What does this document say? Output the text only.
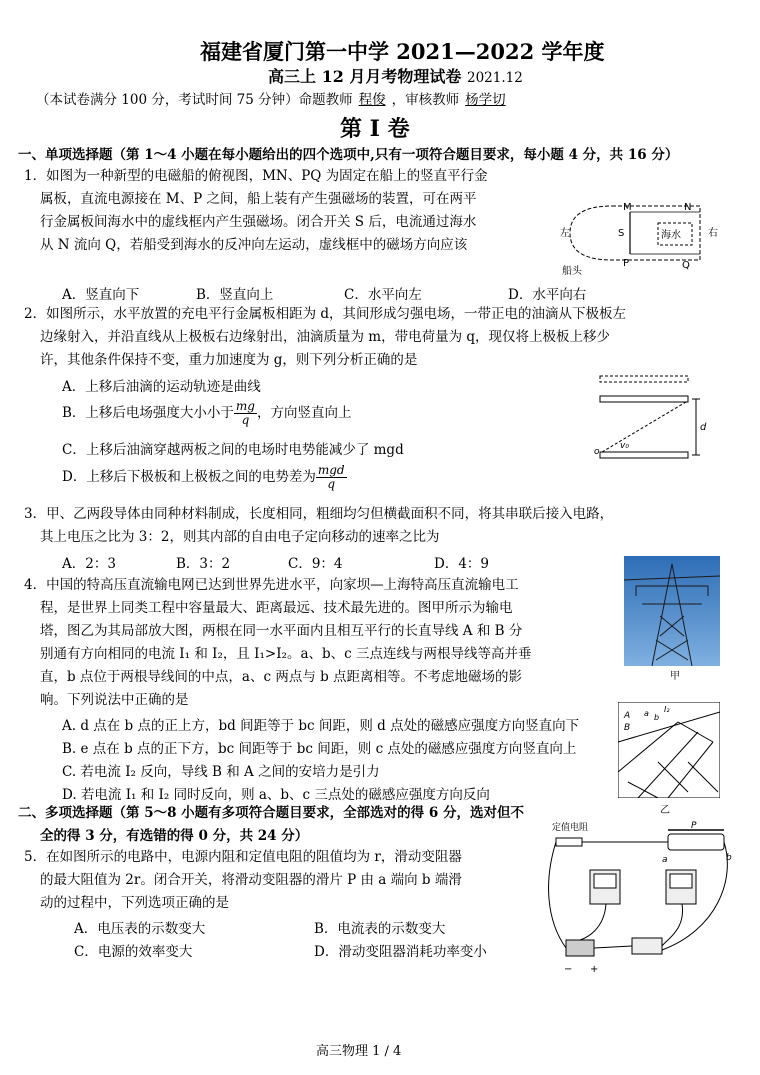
福建省厦门第一中学 2021—2022 学年度
高三上 12 月月考物理试卷 2021.12
（本试卷满分 100 分，考试时间 75 分钟）命题教师 程俊 ，审核教师 杨学切
第 I 卷
一、单项选择题（第 1～4 小题在每小题给出的四个选项中,只有一项符合题目要求，每小题 4 分，共 16 分）
1．如图为一种新型的电磁船的俯视图，MN、PQ 为固定在船上的竖直平行金
属板，直流电源接在 M、P 之间，船上装有产生强磁场的装置，可在两平
行金属板间海水中的虚线框内产生强磁场。闭合开关 S 后，电流通过海水
从 N 流向 Q，若船受到海水的反冲向左运动，虚线框中的磁场方向应该
A．竖直向下	B．竖直向上	C．水平向左	D．水平向右
M	N
P	Q
S	海水
左	右
船头
2．如图所示，水平放置的充电平行金属板相距为 d，其间形成匀强电场，一带正电的油滴从下极板左
边缘射入，并沿直线从上极板右边缘射出，油滴质量为 m，带电荷量为 q，现仅将上极板上移少
许，其他条件保持不变，重力加速度为 g，则下列分析正确的是
A．上移后油滴的运动轨迹是曲线
B．上移后电场强度大小小于 $\frac{mg}{q}$ ，方向竖直向上
C．上移后油滴穿越两板之间的电场时电势能减少了 mgd
D．上移后下极板和上极板之间的电势差为 $\frac{\text{mgd}}{q}$
d
o
v₀
3．甲、乙两段导体由同种材料制成，长度相同，粗细均匀但横截面积不同，将其串联后接入电路，
其上电压之比为 3：2，则其内部的自由电子定向移动的速率之比为
A．2：3	B．3：2	C．9：4	D．4：9
4．中国的特高压直流输电网已达到世界先进水平，向家坝—上海特高压直流输电工
程，是世界上同类工程中容量最大、距离最远、技术最先进的。图甲所示为输电
塔，图乙为其局部放大图，两根在同一水平面内且相互平行的长直导线 A 和 B 分
别通有方向相同的电流 I₁ 和 I₂，且 I₁>I₂。a、b、c 三点连线与两根导线等高并垂
直，b 点位于两根导线间的中点，a、c 两点与 b 点距离相等。不考虑地磁场的影
响。下列说法中正确的是
A. d 点在 b 点的正上方，bd 间距等于 bc 间距，则 d 点处的磁感应强度方向竖直向下
B. e 点在 b 点的正下方，bc 间距等于 bc 间距，则 c 点处的磁感应强度方向竖直向上
C. 若电流 I₂ 反向，导线 B 和 A 之间的安培力是引力
D. 若电流 I₁ 和 I₂ 同时反向，则 a、b、c 三点处的磁感应强度方向反向
甲
A
B
a b
I₂
乙
二、多项选择题（第 5～8 小题有多项符合题目要求，全部选对的得 6 分，选对但不
全的得 3 分，有选错的得 0 分，共 24 分）
5．在如图所示的电路中，电源内阻和定值电阻的阻值均为 r，滑动变阻器
的最大阻值为 2r。闭合开关，将滑动变阻器的滑片 P 由 a 端向 b 端滑
动的过程中，下列选项正确的是
A．电压表的示数变大	B．电流表的示数变大
C．电源的效率变大	D．滑动变阻器消耗功率变小
定值电阻	P
a	b
− +
高三物理 1 / 4
